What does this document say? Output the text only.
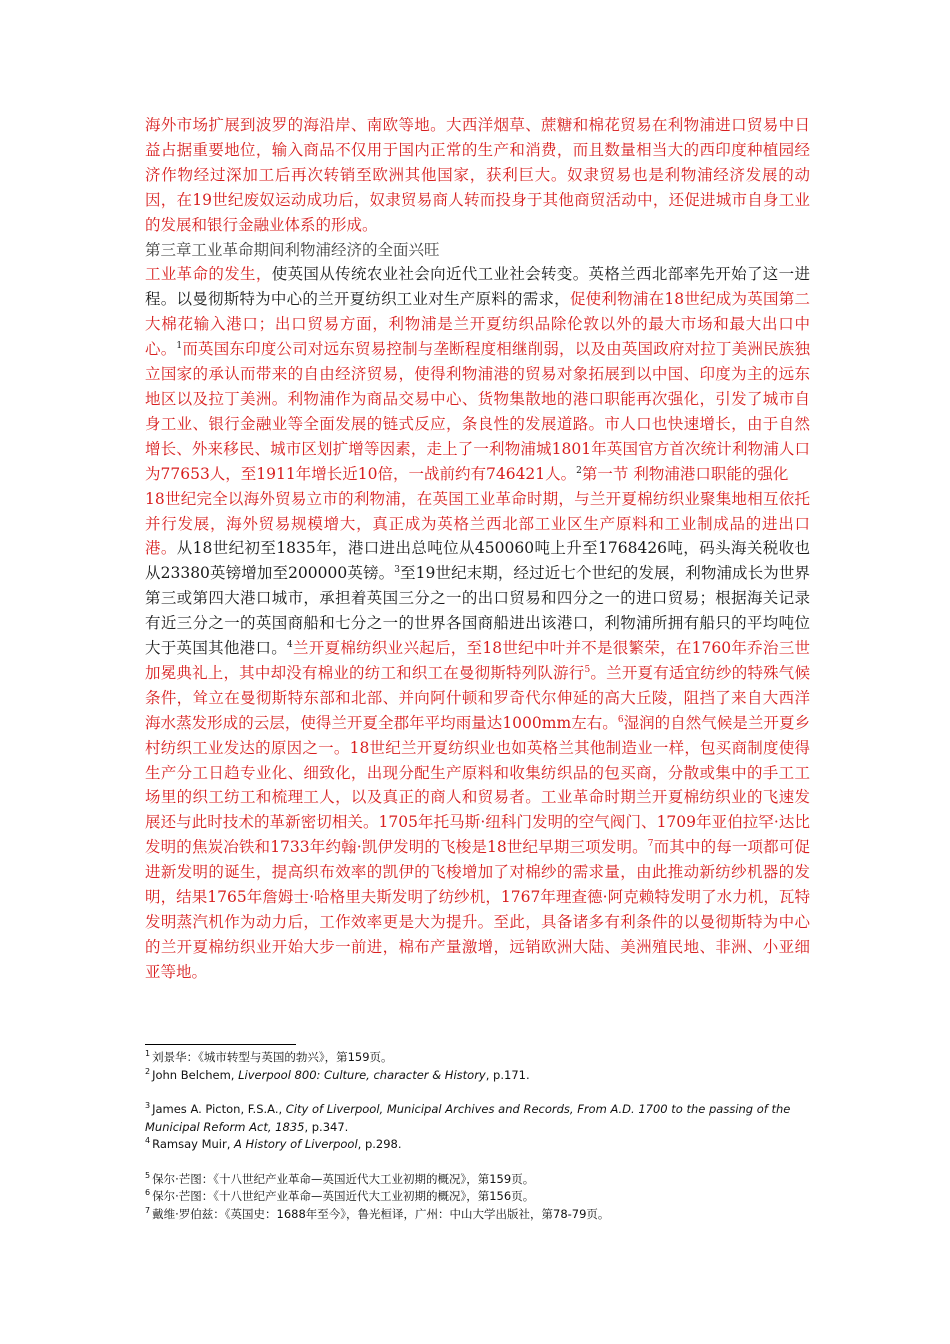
海外市场扩展到波罗的海沿岸、南欧等地。大西洋烟草、蔗糖和棉花贸易在利物浦进口贸易中日益占据重要地位，输入商品不仅用于国内正常的生产和消费，而且数量相当大的西印度种植园经济作物经过深加工后再次转销至欧洲其他国家，获利巨大。奴隶贸易也是利物浦经济发展的动因，在19世纪废奴运动成功后，奴隶贸易商人转而投身于其他商贸活动中，还促进城市自身工业的发展和银行金融业体系的形成。

第三章工业革命期间利物浦经济的全面兴旺

工业革命的发生，使英国从传统农业社会向近代工业社会转变。英格兰西北部率先开始了这一进程。以曼彻斯特为中心的兰开夏纺织工业对生产原料的需求，促使利物浦在18世纪成为英国第二大棉花输入港口；出口贸易方面，利物浦是兰开夏纺织品除伦敦以外的最大市场和最大出口中心。$^1$而英国东印度公司对远东贸易控制与垄断程度相继削弱，以及由英国政府对拉丁美洲民族独立国家的承认而带来的自由经济贸易，使得利物浦港的贸易对象拓展到以中国、印度为主的远东地区以及拉丁美洲。利物浦作为商品交易中心、货物集散地的港口职能再次强化，引发了城市自身工业、银行金融业等全面发展的链式反应，条良性的发展道路。市人口也快速增长，由于自然增长、外来移民、城市区划扩增等因素，走上了一利物浦城1801年英国官方首次统计利物浦人口为77653人，至1911年增长近10倍，一战前约有746421人。$^2$第一节 利物浦港口职能的强化

18世纪完全以海外贸易立市的利物浦，在英国工业革命时期，与兰开夏棉纺织业聚集地相互依托并行发展，海外贸易规模增大，真正成为英格兰西北部工业区生产原料和工业制成品的进出口港。从18世纪初至1835年，港口进出总吨位从450060吨上升至1768426吨，码头海关税收也从23380英镑增加至200000英镑。$^3$至19世纪末期，经过近七个世纪的发展，利物浦成长为世界第三或第四大港口城市，承担着英国三分之一的出口贸易和四分之一的进口贸易；根据海关记录有近三分之一的英国商船和七分之一的世界各国商船进出该港口，利物浦所拥有船只的平均吨位大于英国其他港口。$^4$兰开夏棉纺织业兴起后，至18世纪中叶并不是很繁荣，在1760年乔治三世加冕典礼上，其中却没有棉业的纺工和织工在曼彻斯特列队游行$^5$。兰开夏有适宜纺纱的特殊气候条件，耸立在曼彻斯特东部和北部、并向阿什顿和罗奇代尔伸延的高大丘陵，阻挡了来自大西洋海水蒸发形成的云层，使得兰开夏全郡年平均雨量达1000mm左右。$^6$湿润的自然气候是兰开夏乡村纺织工业发达的原因之一。18世纪兰开夏纺织业也如英格兰其他制造业一样，包买商制度使得生产分工日趋专业化、细致化，出现分配生产原料和收集纺织品的包买商，分散或集中的手工工场里的织工纺工和梳理工人，以及真正的商人和贸易者。工业革命时期兰开夏棉纺织业的飞速发展还与此时技术的革新密切相关。1705年托马斯·纽科门发明的空气阀门、1709年亚伯拉罕·达比发明的焦炭冶铁和1733年约翰·凯伊发明的飞梭是18世纪早期三项发明。$^7$而其中的每一项都可促进新发明的诞生，提高织布效率的凯伊的飞梭增加了对棉纱的需求量，由此推动新纺纱机器的发明，结果1765年詹姆士·哈格里夫斯发明了纺纱机，1767年理查德·阿克赖特发明了水力机，瓦特发明蒸汽机作为动力后，工作效率更是大为提升。至此，具备诸多有利条件的以曼彻斯特为中心的兰开夏棉纺织业开始大步一前进，棉布产量激增，远销欧洲大陆、美洲殖民地、非洲、小亚细亚等地。

$^1$ 刘景华：《城市转型与英国的勃兴》，第159页。

$^2$ John Belchem, Liverpool 800: Culture, character & History, p.171.

$^3$ James A. Picton, F.S.A., City of Liverpool, Municipal Archives and Records, From A.D. 1700 to the passing of the Municipal Reform Act, 1835, p.347.

$^4$ Ramsay Muir, A History of Liverpool, p.298.

$^5$ 保尔·芒图：《十八世纪产业革命—英国近代大工业初期的概况》，第159页。

$^6$ 保尔·芒图：《十八世纪产业革命—英国近代大工业初期的概况》，第156页。

$^7$ 戴维·罗伯兹：《英国史：1688年至今》，鲁光桓译，广州：中山大学出版社，第78-79页。
